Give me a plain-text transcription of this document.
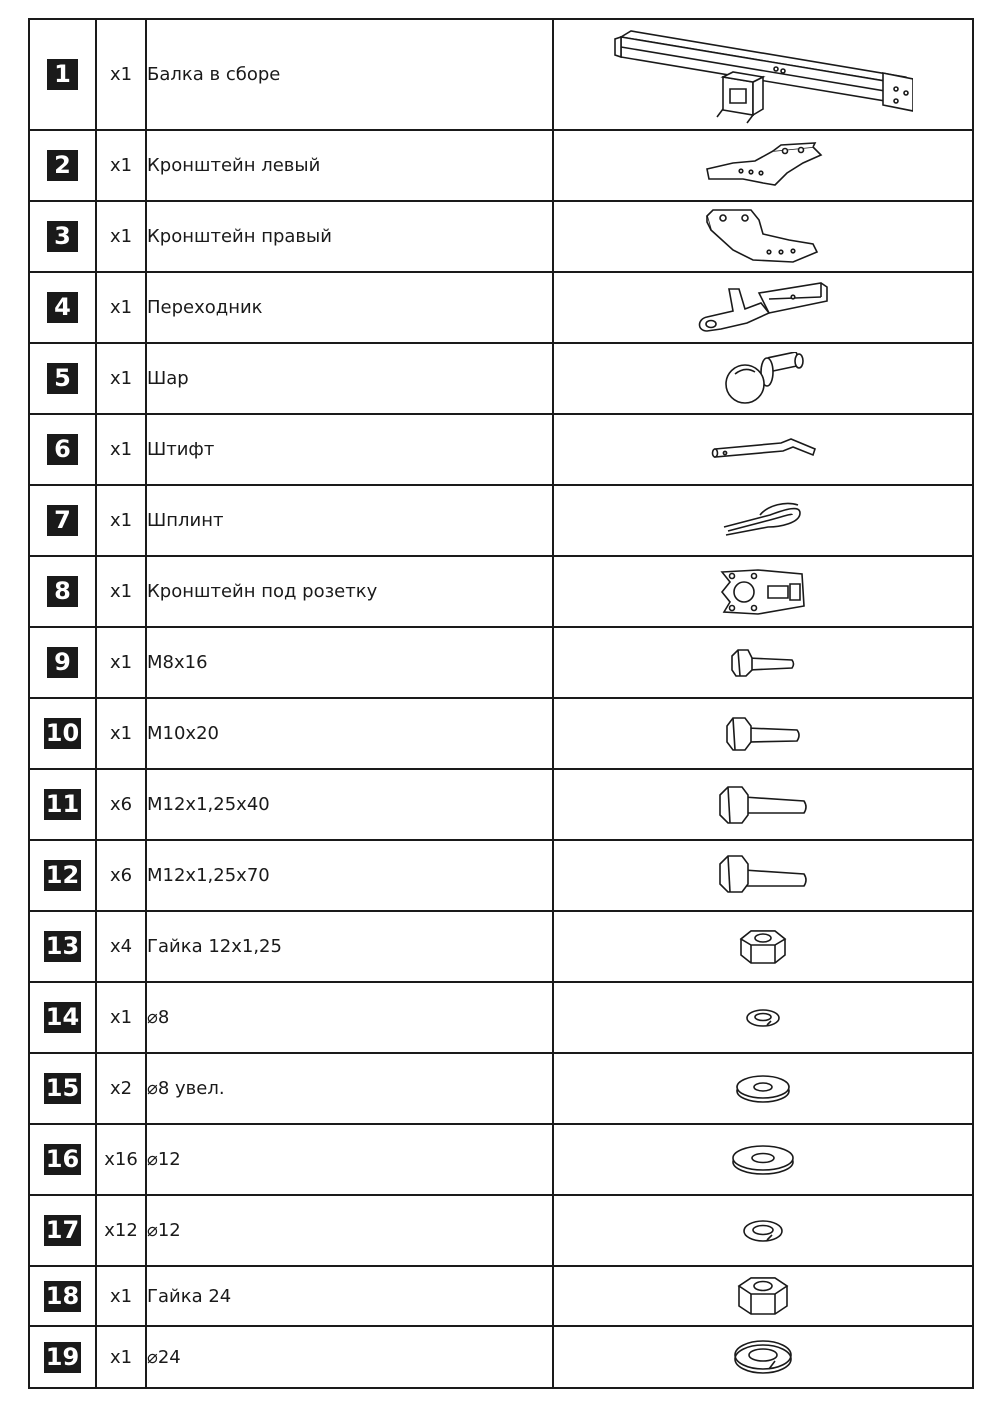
1	x1	Балка в сборе	

2	x1	Кронштейн левый	

3	x1	Кронштейн правый	

4	x1	Переходник	

5	x1	Шар	

6	x1	Штифт	

7	x1	Шплинт	

8	x1	Кронштейн под розетку	

9	x1	M8x16	

10	x1	M10x20	

11	x6	M12x1,25x40	

12	x6	M12x1,25x70	

13	x4	Гайка 12x1,25	

14	x1	⌀8	

15	x2	⌀8 увел.	

16	x16	⌀12	

17	x12	⌀12	

18	x1	Гайка 24	

19	x1	⌀24	
